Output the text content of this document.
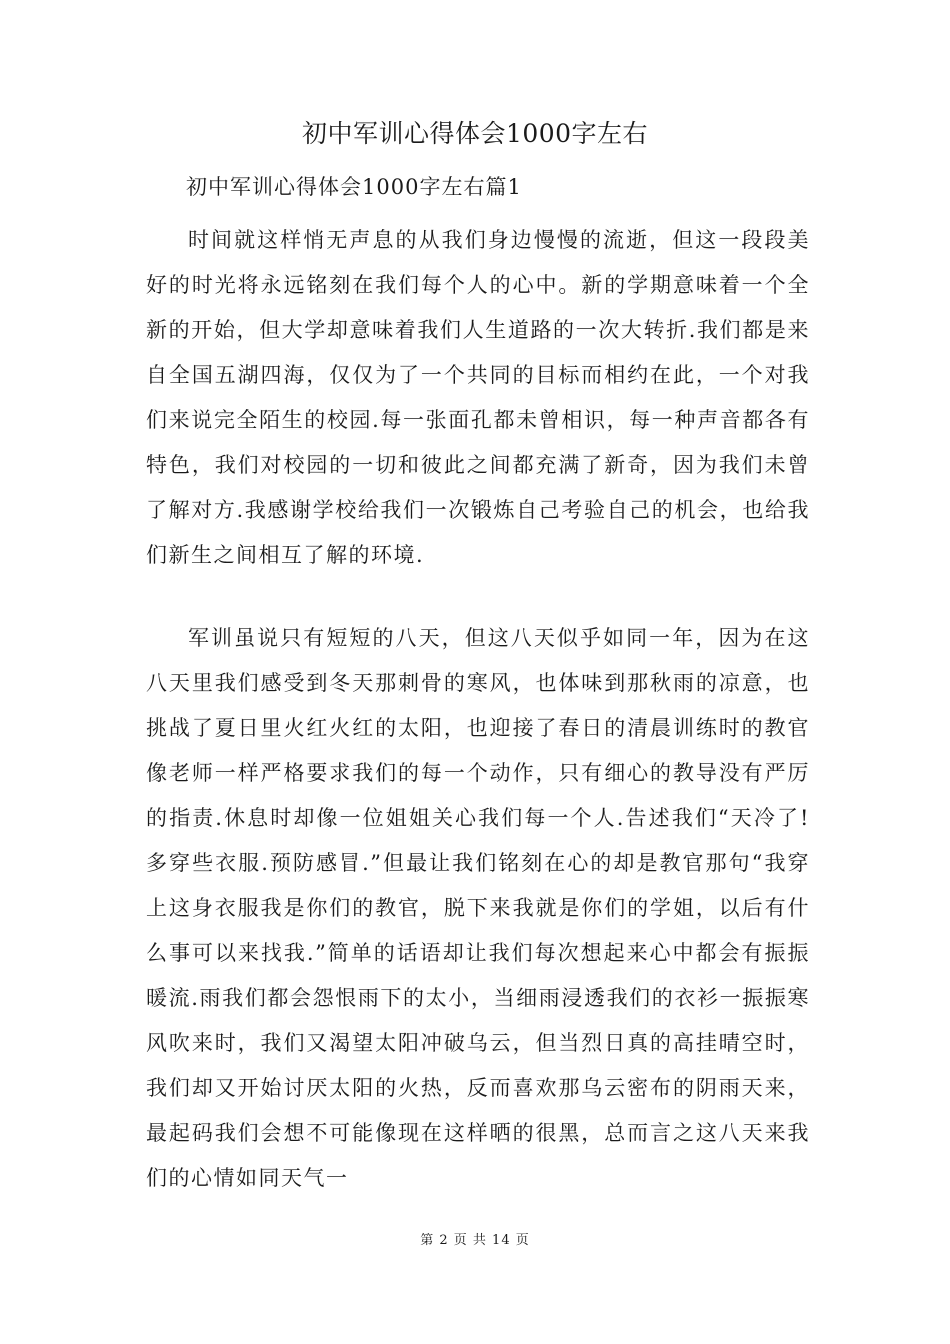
初中军训心得体会1000字左右
初中军训心得体会1000字左右篇1

时间就这样悄无声息的从我们身边慢慢的流逝，但这一段段美好的时光将永远铭刻在我们每个人的心中。新的学期意味着一个全新的开始，但大学却意味着我们人生道路的一次大转折.我们都是来自全国五湖四海，仅仅为了一个共同的目标而相约在此，一个对我们来说完全陌生的校园.每一张面孔都未曾相识，每一种声音都各有特色，我们对校园的一切和彼此之间都充满了新奇，因为我们未曾了解对方.我感谢学校给我们一次锻炼自己考验自己的机会，也给我们新生之间相互了解的环境.

军训虽说只有短短的八天，但这八天似乎如同一年，因为在这八天里我们感受到冬天那刺骨的寒风，也体味到那秋雨的凉意，也挑战了夏日里火红火红的太阳，也迎接了春日的清晨训练时的教官像老师一样严格要求我们的每一个动作，只有细心的教导没有严厉的指责.休息时却像一位姐姐关心我们每一个人.告述我们“天冷了!多穿些衣服.预防感冒.”但最让我们铭刻在心的却是教官那句“我穿上这身衣服我是你们的教官，脱下来我就是你们的学姐，以后有什么事可以来找我.”简单的话语却让我们每次想起来心中都会有振振暖流.雨我们都会怨恨雨下的太小，当细雨浸透我们的衣衫一振振寒风吹来时，我们又渴望太阳冲破乌云，但当烈日真的高挂晴空时，我们却又开始讨厌太阳的火热，反而喜欢那乌云密布的阴雨天来，最起码我们会想不可能像现在这样晒的很黑，总而言之这八天来我们的心情如同天气一

第 2 页 共 14 页
